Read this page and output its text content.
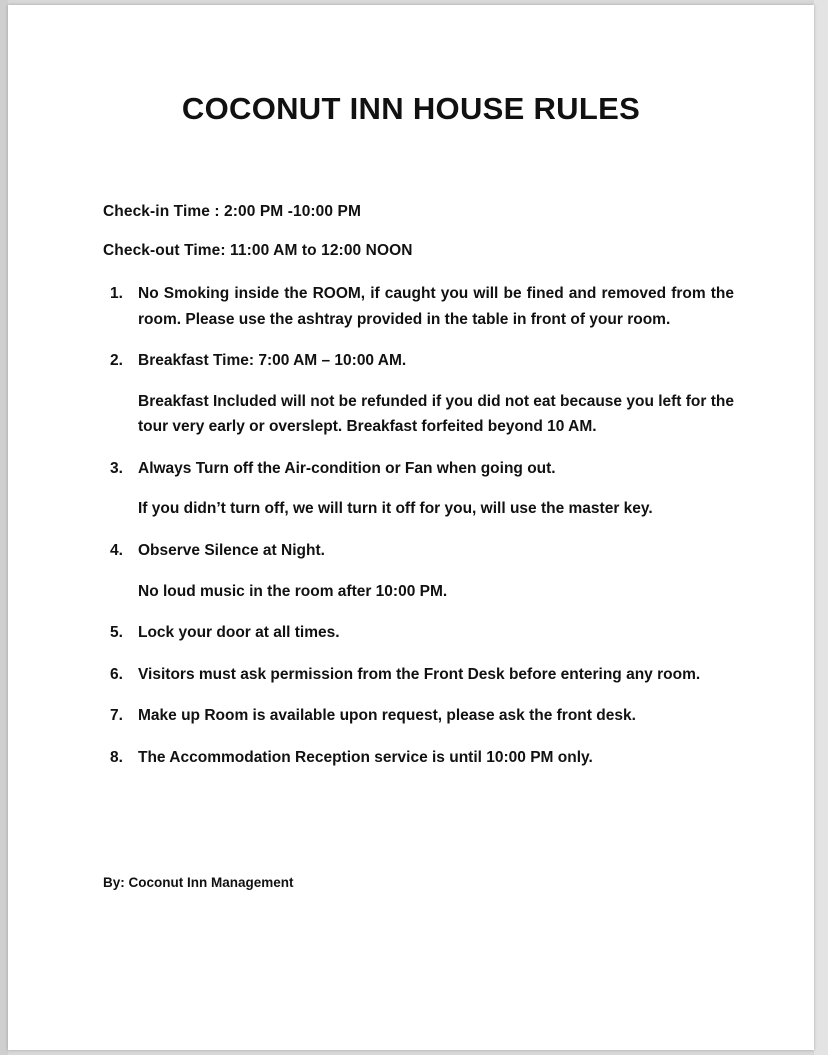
COCONUT INN HOUSE RULES
Check-in Time : 2:00 PM -10:00 PM
Check-out Time: 11:00 AM to 12:00 NOON
No Smoking inside the ROOM, if caught you will be fined and removed from the room. Please use the ashtray provided in the table in front of your room.
Breakfast Time: 7:00 AM – 10:00 AM.
Breakfast Included will not be refunded if you did not eat because you left for the tour very early or overslept. Breakfast forfeited beyond 10 AM.
Always Turn off the Air-condition or Fan when going out.
If you didn’t turn off, we will turn it off for you, will use the master key.
Observe Silence at Night.
No loud music in the room after 10:00 PM.
Lock your door at all times.
Visitors must ask permission from the Front Desk before entering any room.
Make up Room is available upon request, please ask the front desk.
The Accommodation Reception service is until 10:00 PM only.
By: Coconut Inn Management
